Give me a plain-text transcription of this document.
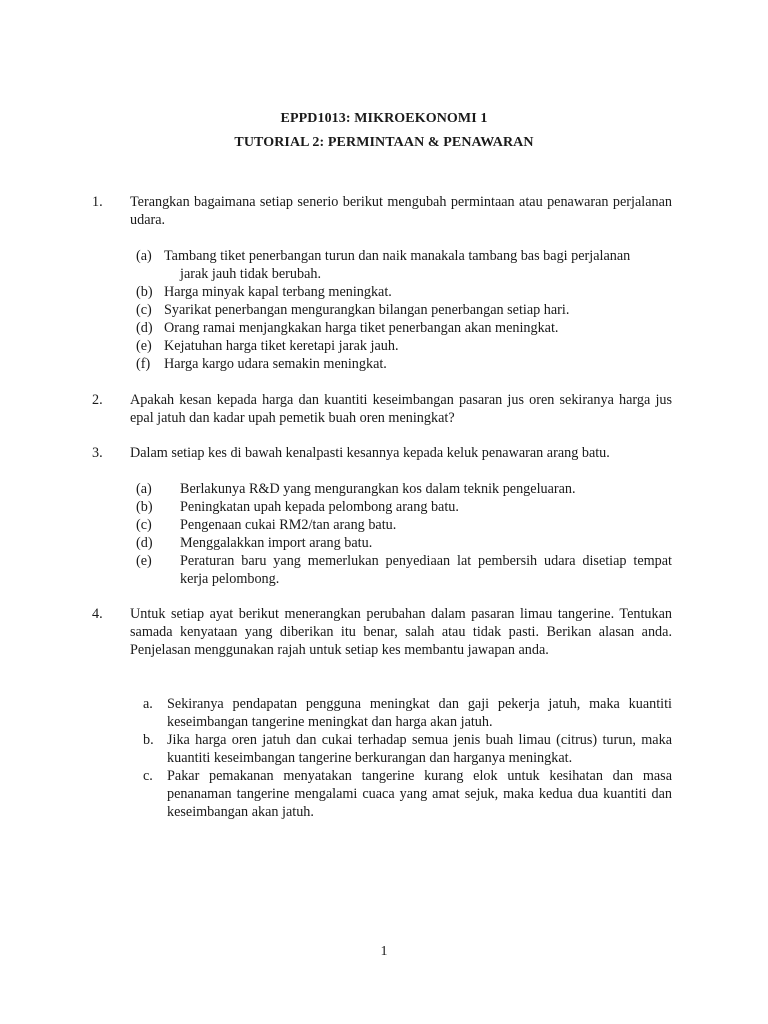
EPPD1013: MIKROEKONOMI 1
TUTORIAL 2: PERMINTAAN & PENAWARAN
1.	Terangkan bagaimana setiap senerio berikut mengubah permintaan atau penawaran perjalanan udara.
(a) Tambang tiket penerbangan turun dan naik manakala tambang bas bagi perjalanan
jarak jauh tidak berubah.
(b) Harga minyak kapal terbang meningkat.
(c) Syarikat penerbangan mengurangkan bilangan penerbangan setiap hari.
(d) Orang ramai menjangkakan harga tiket penerbangan akan meningkat.
(e) Kejatuhan harga tiket keretapi jarak jauh.
(f) Harga kargo udara semakin meningkat.
2.	Apakah kesan kepada harga dan kuantiti keseimbangan pasaran jus oren sekiranya harga jus epal jatuh dan kadar upah pemetik buah oren meningkat?
3.	Dalam setiap kes di bawah kenalpasti kesannya kepada keluk penawaran arang batu.
(a) Berlakunya R&D yang mengurangkan kos dalam teknik pengeluaran.
(b) Peningkatan upah kepada pelombong arang batu.
(c) Pengenaan cukai RM2/tan arang batu.
(d) Menggalakkan import arang batu.
(e) Peraturan baru yang memerlukan penyediaan lat pembersih udara disetiap tempat kerja pelombong.
4.	Untuk setiap ayat berikut menerangkan perubahan dalam pasaran limau tangerine. Tentukan samada kenyataan yang diberikan itu benar, salah atau tidak pasti. Berikan alasan anda. Penjelasan menggunakan rajah untuk setiap kes membantu jawapan anda.
a. Sekiranya pendapatan pengguna meningkat dan gaji pekerja jatuh, maka kuantiti keseimbangan tangerine meningkat dan harga akan jatuh.
b. Jika harga oren jatuh dan cukai terhadap semua jenis buah limau (citrus) turun, maka kuantiti keseimbangan tangerine berkurangan dan harganya meningkat.
c. Pakar pemakanan menyatakan tangerine kurang elok untuk kesihatan dan masa penanaman tangerine mengalami cuaca yang amat sejuk, maka kedua dua kuantiti dan keseimbangan akan jatuh.
1
